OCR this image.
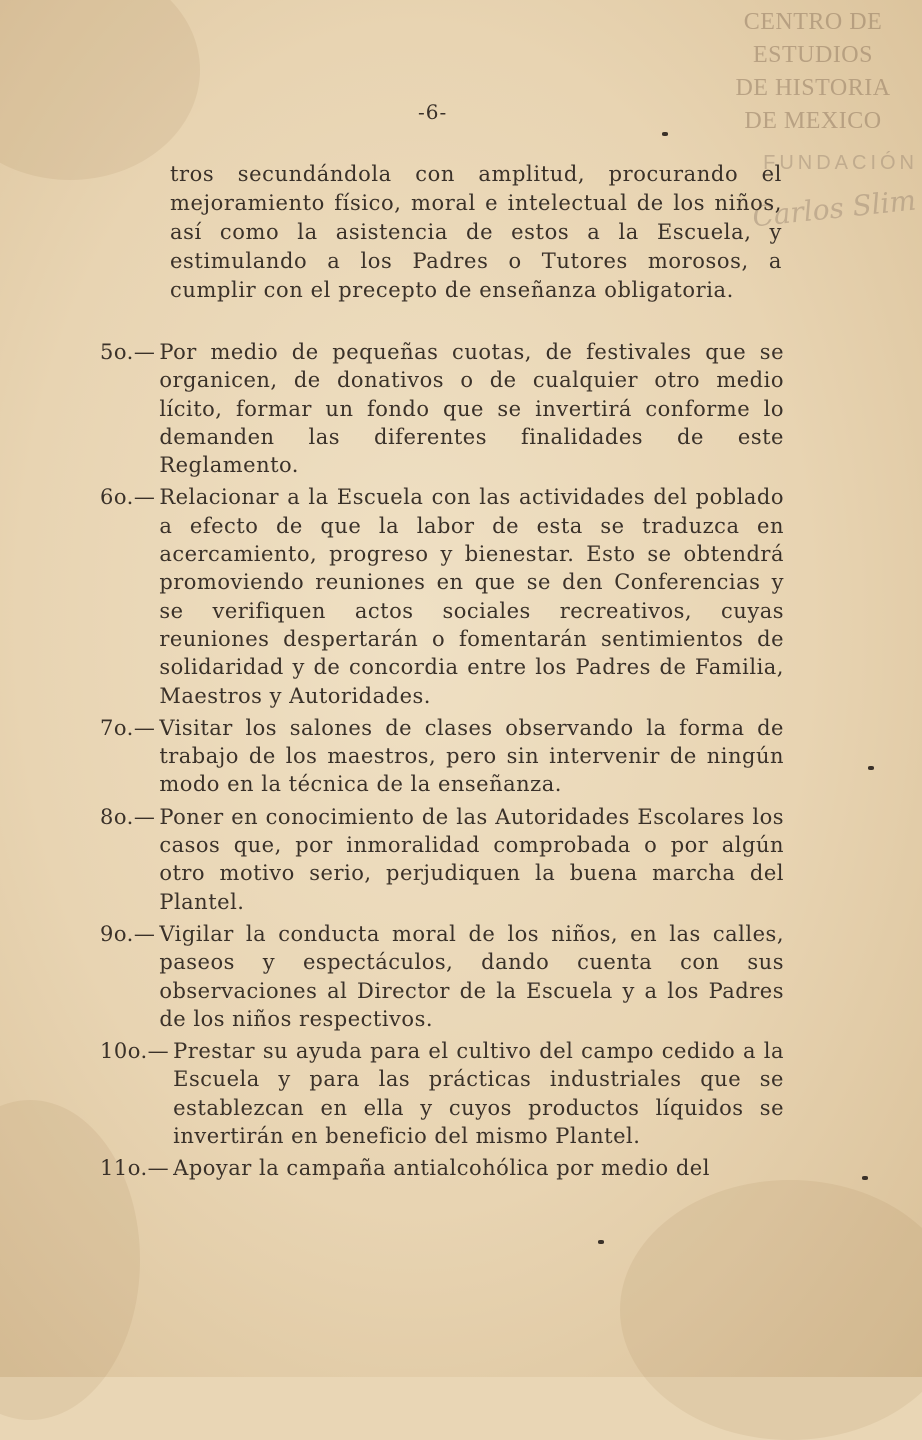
CENTRO DE
ESTUDIOS
DE HISTORIA
DE MEXICO
FUNDACIÓN
Carlos Slim
-6-
tros secundándola con amplitud, procurando el mejoramiento físico, moral e intelectual de los niños, así como la asistencia de estos a la Escuela, y estimulando a los Padres o Tutores morosos, a cumplir con el precepto de enseñanza obligatoria.
5o. — Por medio de pequeñas cuotas, de festivales que se organicen, de donativos o de cualquier otro medio lícito, formar un fondo que se invertirá conforme lo demanden las diferentes finalidades de este Reglamento.
6o. — Relacionar a la Escuela con las actividades del poblado a efecto de que la labor de esta se traduzca en acercamiento, progreso y bienestar. Esto se obtendrá promoviendo reuniones en que se den Conferencias y se verifiquen actos sociales recreativos, cuyas reuniones despertarán o fomentarán sentimientos de solidaridad y de concordia entre los Padres de Familia, Maestros y Autoridades.
7o. — Visitar los salones de clases observando la forma de trabajo de los maestros, pero sin intervenir de ningún modo en la técnica de la enseñanza.
8o. — Poner en conocimiento de las Autoridades Escolares los casos que, por inmoralidad comprobada o por algún otro motivo serio, perjudiquen la buena marcha del Plantel.
9o. — Vigilar la conducta moral de los niños, en las calles, paseos y espectáculos, dando cuenta con sus observaciones al Director de la Escuela y a los Padres de los niños respectivos.
10o. — Prestar su ayuda para el cultivo del campo cedido a la Escuela y para las prácticas industriales que se establezcan en ella y cuyos productos líquidos se invertirán en beneficio del mismo Plantel.
11o. — Apoyar la campaña antialcohólica por medio del
